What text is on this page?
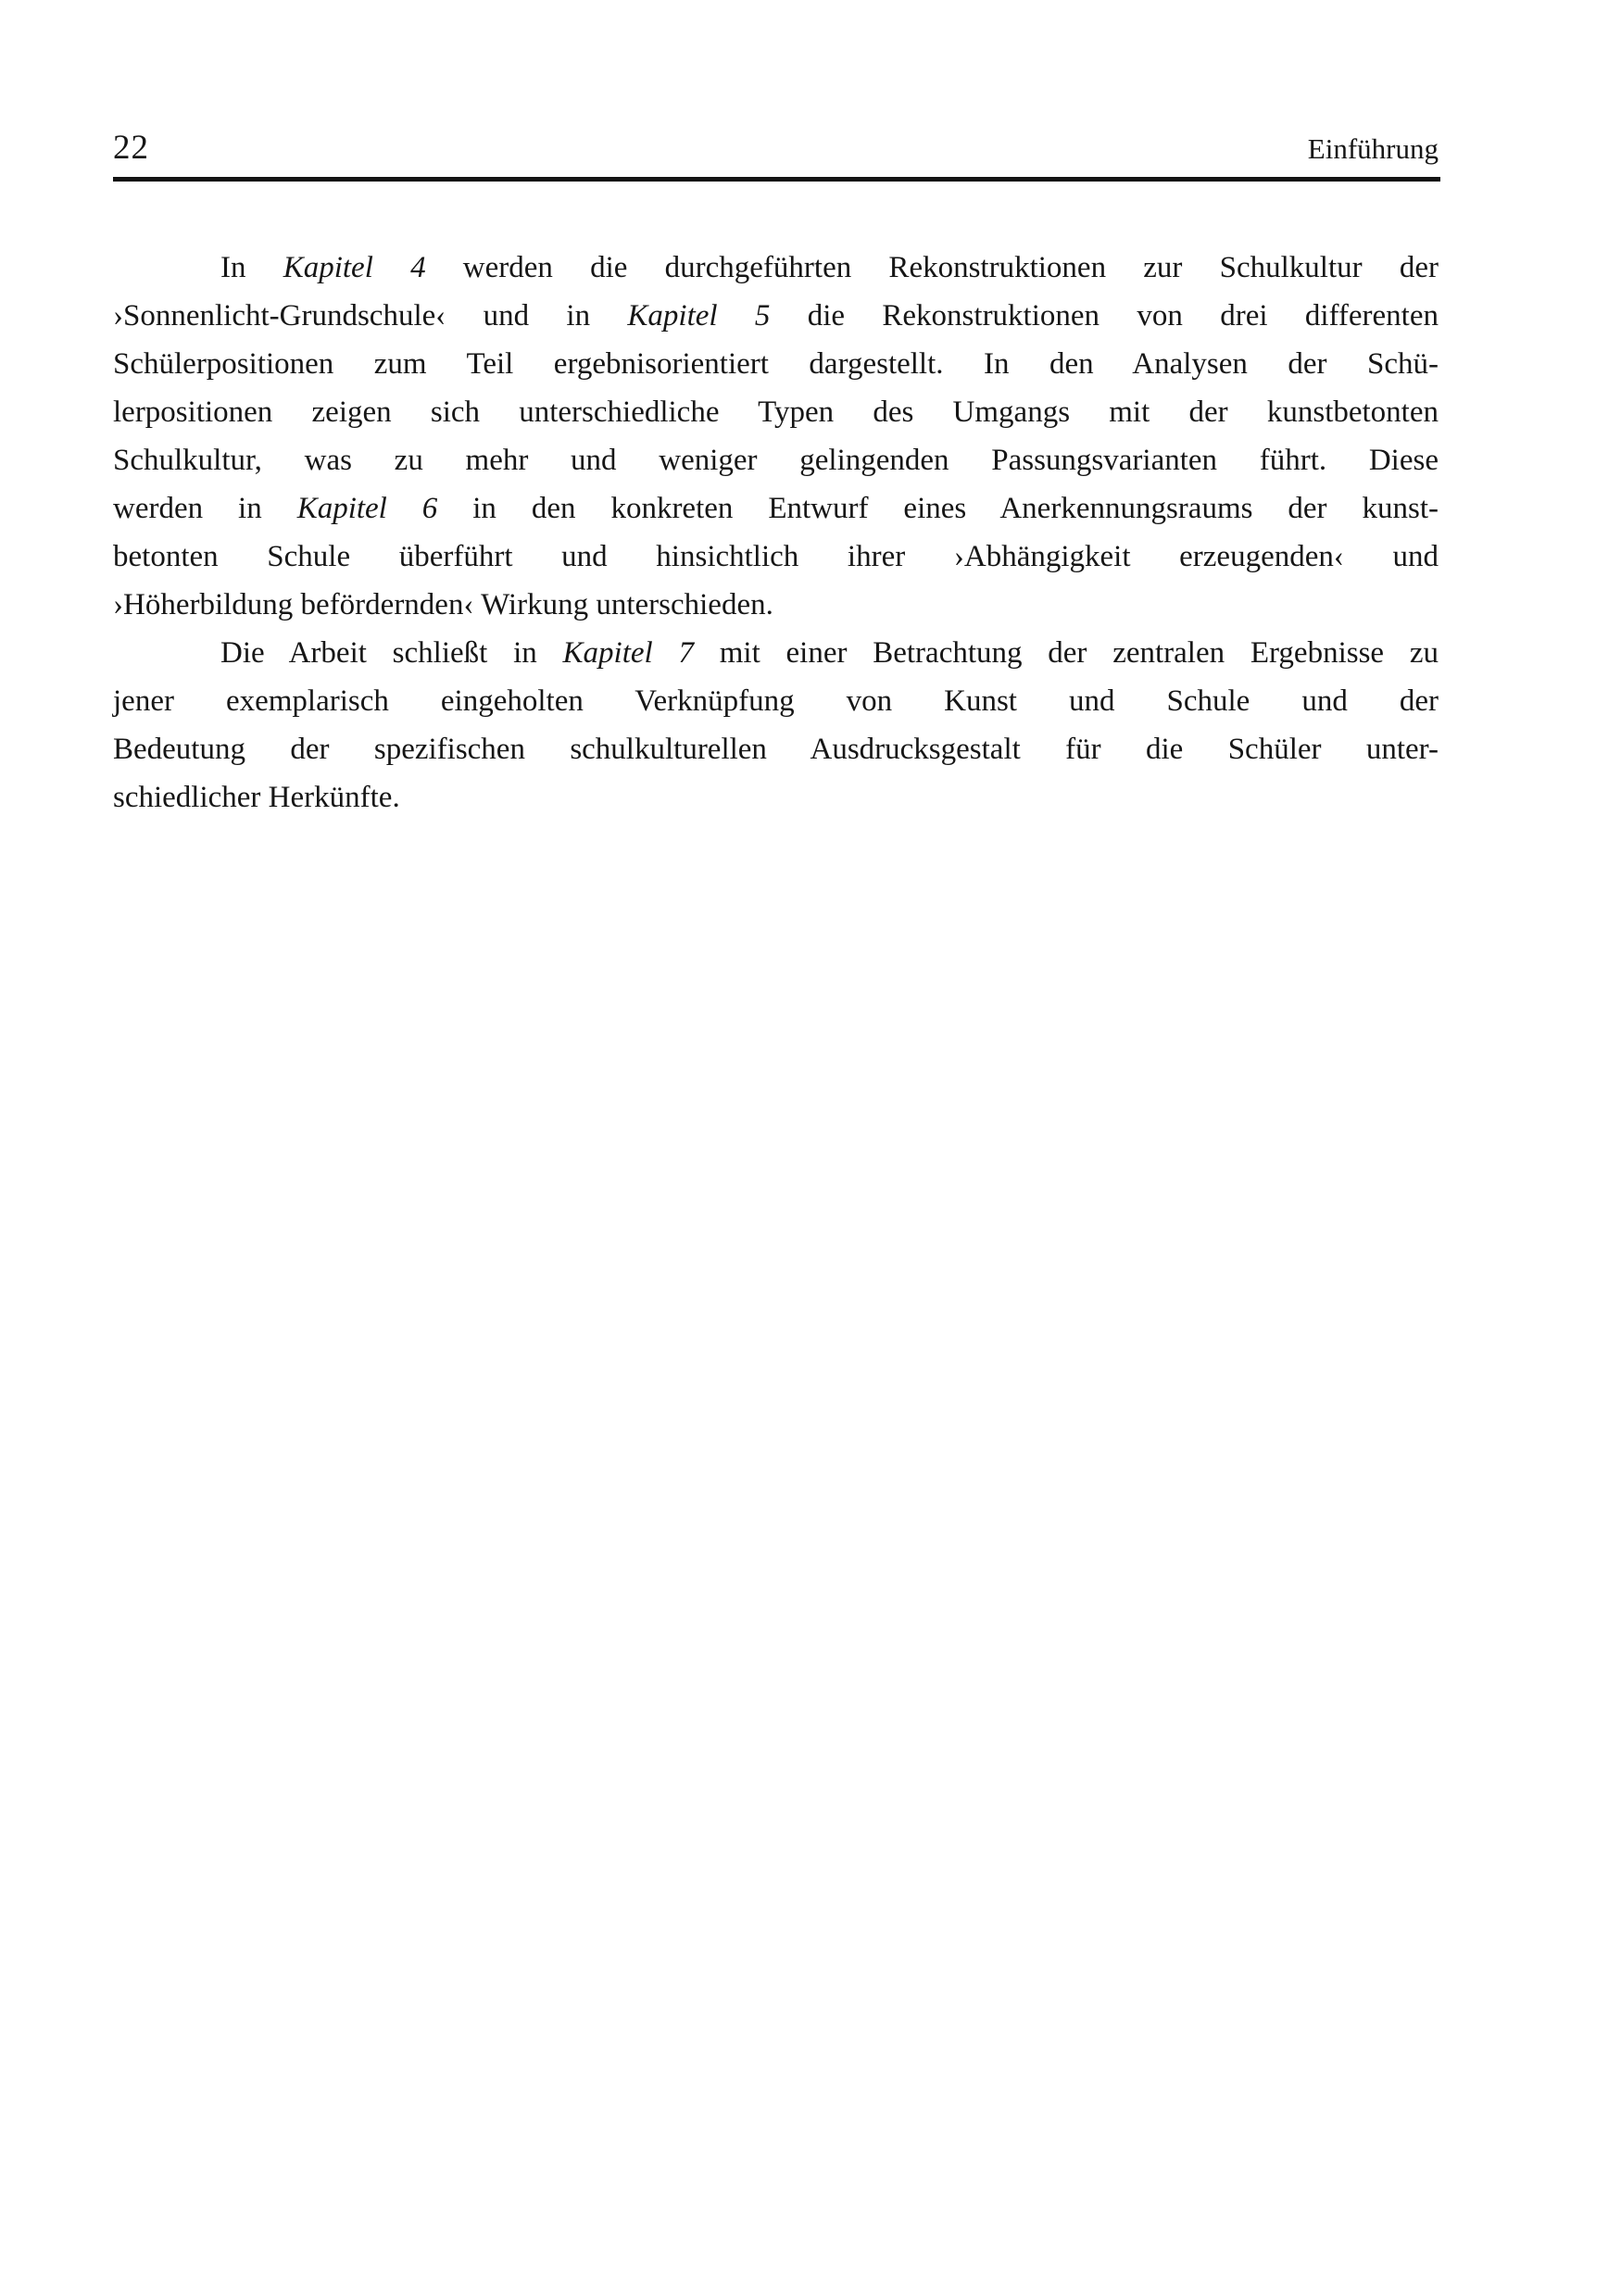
22	Einführung
In Kapitel 4 werden die durchgeführten Rekonstruktionen zur Schulkultur der
›Sonnenlicht-Grundschule‹ und in Kapitel 5 die Rekonstruktionen von drei differenten
Schülerpositionen zum Teil ergebnisorientiert dargestellt. In den Analysen der Schü-
lerpositionen zeigen sich unterschiedliche Typen des Umgangs mit der kunstbetonten
Schulkultur, was zu mehr und weniger gelingenden Passungsvarianten führt. Diese
werden in Kapitel 6 in den konkreten Entwurf eines Anerkennungsraums der kunst-
betonten Schule überführt und hinsichtlich ihrer ›Abhängigkeit erzeugenden‹ und
›Höherbildung befördernden‹ Wirkung unterschieden.
Die Arbeit schließt in Kapitel 7 mit einer Betrachtung der zentralen Ergebnisse zu
jener exemplarisch eingeholten Verknüpfung von Kunst und Schule und der
Bedeutung der spezifischen schulkulturellen Ausdrucksgestalt für die Schüler unter-
schiedlicher Herkünfte.
